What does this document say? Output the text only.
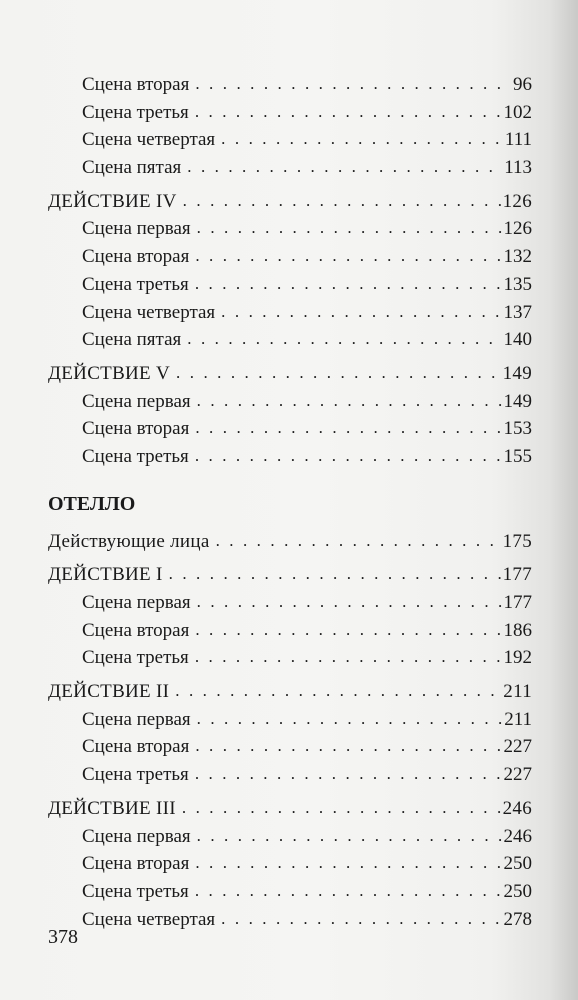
Сцена вторая . . .	96
Сцена третья . . .	102
Сцена четвертая . . .	111
Сцена пятая . . .	113
ДЕЙСТВИЕ IV . . .	126
Сцена первая . . .	126
Сцена вторая . . .	132
Сцена третья . . .	135
Сцена четвертая . . .	137
Сцена пятая . . .	140
ДЕЙСТВИЕ V . . .	149
Сцена первая . . .	149
Сцена вторая . . .	153
Сцена третья . . .	155
ОТЕЛЛО
Действующие лица . . .	175
ДЕЙСТВИЕ I . . .	177
Сцена первая . . .	177
Сцена вторая . . .	186
Сцена третья . . .	192
ДЕЙСТВИЕ II . . .	211
Сцена первая . . .	211
Сцена вторая . . .	227
Сцена третья . . .	227
ДЕЙСТВИЕ III . . .	246
Сцена первая . . .	246
Сцена вторая . . .	250
Сцена третья . . .	250
Сцена четвертая . . .	278
378
